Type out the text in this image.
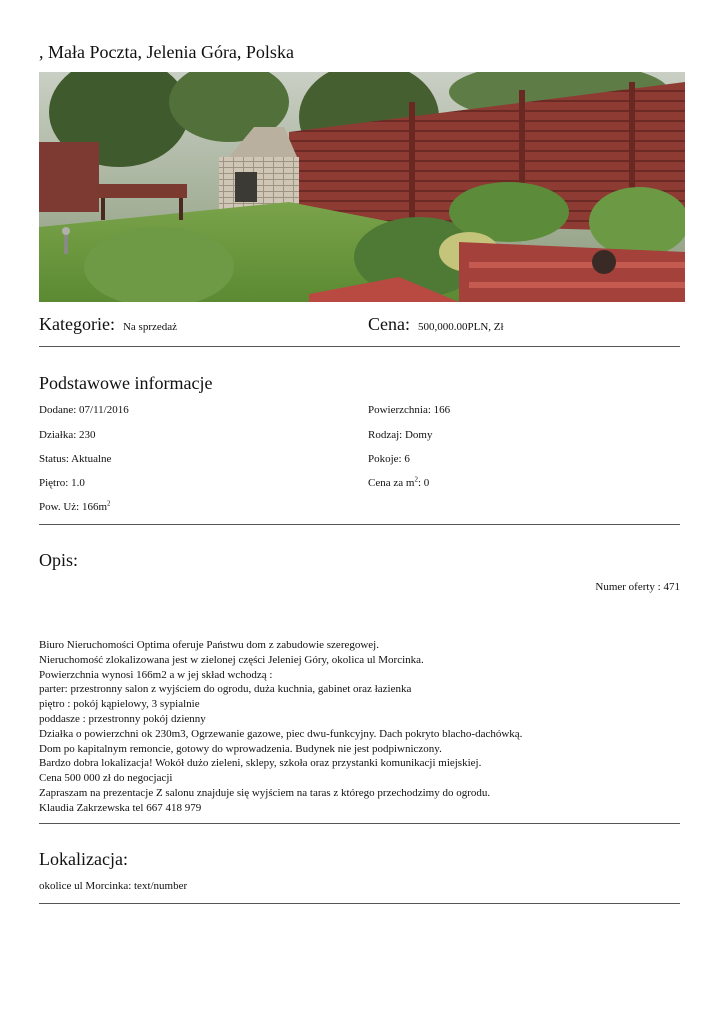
, Mała Poczta, Jelenia Góra, Polska
Kategorie: Na sprzedaż	Cena: 500,000.00PLN, Zł
Podstawowe informacje
Dodane: 07/11/2016	Powierzchnia: 166
Działka: 230	Rodzaj: Domy
Status: Aktualne	Pokoje: 6
Piętro: 1.0	Cena za $m^2$: 0
Pow. Uż: $166m^2$
Opis:
Numer oferty : 471
Biuro Nieruchomości Optima oferuje Państwu dom z zabudowie szeregowej.
Nieruchomość zlokalizowana jest w zielonej części Jeleniej Góry, okolica ul Morcinka.
Powierzchnia wynosi 166m2 a w jej skład wchodzą :
parter: przestronny salon z wyjściem do ogrodu, duża kuchnia, gabinet oraz łazienka
piętro : pokój kąpielowy, 3 sypialnie
poddasze : przestronny pokój dzienny
Działka o powierzchni ok 230m3, Ogrzewanie gazowe, piec dwu-funkcyjny. Dach pokryto blacho-dachówką.
Dom po kapitalnym remoncie, gotowy do wprowadzenia. Budynek nie jest podpiwniczony.
Bardzo dobra lokalizacja! Wokół dużo zieleni, sklepy, szkoła oraz przystanki komunikacji miejskiej.
Cena 500 000 zł do negocjacji
Zapraszam na prezentacje Z salonu znajduje się wyjściem na taras z którego przechodzimy do ogrodu.
Klaudia Zakrzewska tel 667 418 979
Lokalizacja:
okolice ul Morcinka: text/number
